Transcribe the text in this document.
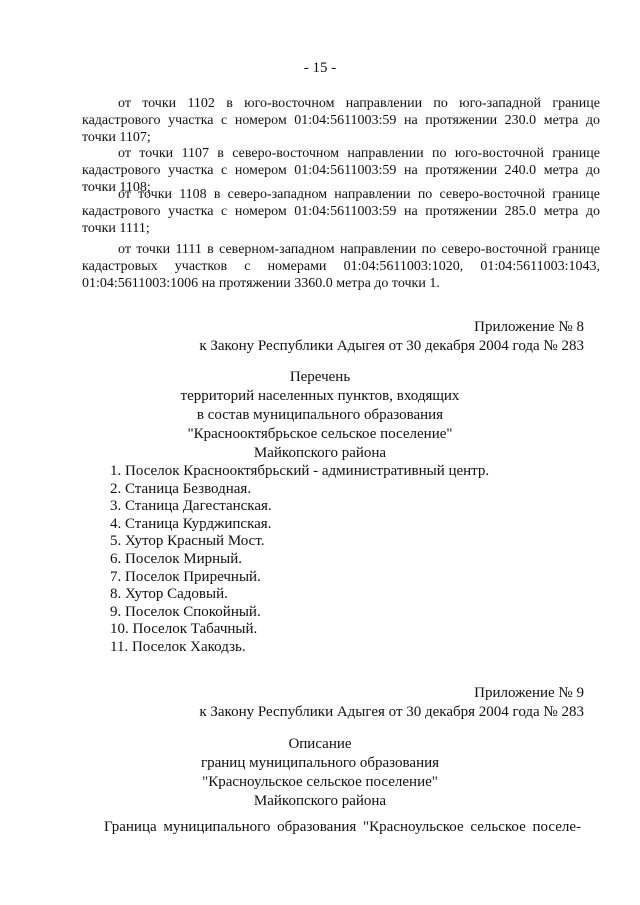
- 15 -

от точки 1102 в юго-восточном направлении по юго-западной границе кадастрового участка с номером 01:04:5611003:59 на протяжении 230.0 метра до точки 1107;

от точки 1107 в северо-восточном направлении по юго-восточной границе кадастрового участка с номером 01:04:5611003:59 на протяжении 240.0 метра до точки 1108;

от точки 1108 в северо-западном направлении по северо-восточной границе кадастрового участка с номером 01:04:5611003:59 на протяжении 285.0 метра до точки 1111;

от точки 1111 в северном-западном направлении по северо-восточной границе кадастровых участков с номерами 01:04:5611003:1020, 01:04:5611003:1043, 01:04:5611003:1006 на протяжении 3360.0 метра до точки 1.

Приложение № 8
к Закону Республики Адыгея от 30 декабря 2004 года № 283
Перечень
территорий населенных пунктов, входящих
в состав муниципального образования
"Краснооктябрьское сельское поселение"
Майкопского района
1. Поселок Краснооктябрьский - административный центр.
2. Станица Безводная.
3. Станица Дагестанская.
4. Станица Курджипская.
5. Хутор Красный Мост.
6. Поселок Мирный.
7. Поселок Приречный.
8. Хутор Садовый.
9. Поселок Спокойный.
10. Поселок Табачный.
11. Поселок Хакодзь.
Приложение № 9
к Закону Республики Адыгея от 30 декабря 2004 года № 283
Описание
границ муниципального образования
"Красноульское сельское поселение"
Майкопского района
Граница муниципального образования "Красноульское сельское поселе-
